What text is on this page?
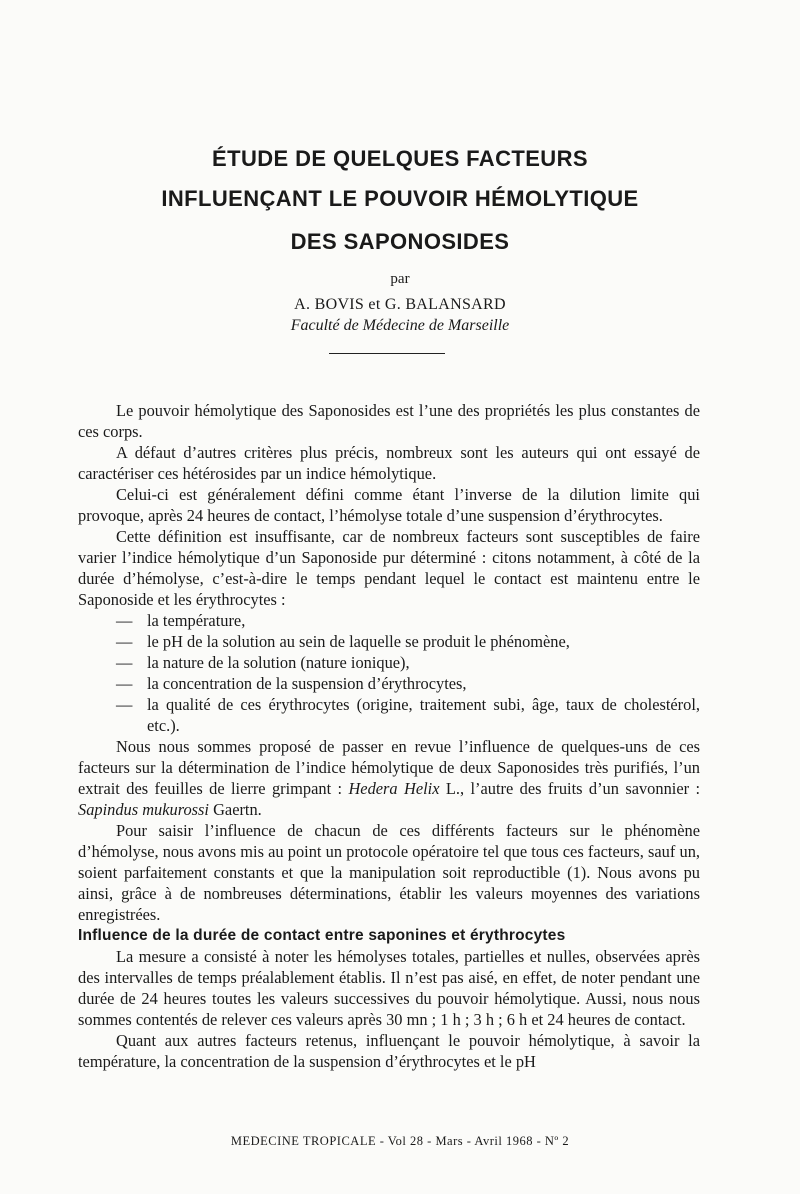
ÉTUDE DE QUELQUES FACTEURS
INFLUENÇANT LE POUVOIR HÉMOLYTIQUE
DES SAPONOSIDES
par
A. BOVIS et G. BALANSARD
Faculté de Médecine de Marseille

Le pouvoir hémolytique des Saponosides est l’une des propriétés les plus constantes de ces corps.

A défaut d’autres critères plus précis, nombreux sont les auteurs qui ont essayé de caractériser ces hétérosides par un indice hémolytique.

Celui-ci est généralement défini comme étant l’inverse de la dilution limite qui provoque, après 24 heures de contact, l’hémolyse totale d’une suspension d’érythrocytes.

Cette définition est insuffisante, car de nombreux facteurs sont susceptibles de faire varier l’indice hémolytique d’un Saponoside pur déterminé : citons notamment, à côté de la durée d’hémolyse, c’est-à-dire le temps pendant lequel le contact est maintenu entre le Saponoside et les érythrocytes :

— la température,
— le pH de la solution au sein de laquelle se produit le phénomène,
— la nature de la solution (nature ionique),
— la concentration de la suspension d’érythrocytes,
— la qualité de ces érythrocytes (origine, traitement subi, âge, taux de cholestérol, etc.).

Nous nous sommes proposé de passer en revue l’influence de quelques-uns de ces facteurs sur la détermination de l’indice hémolytique de deux Saponosides très purifiés, l’un extrait des feuilles de lierre grimpant : Hedera Helix L., l’autre des fruits d’un savonnier : Sapindus mukurossi Gaertn.

Pour saisir l’influence de chacun de ces différents facteurs sur le phénomène d’hémolyse, nous avons mis au point un protocole opératoire tel que tous ces facteurs, sauf un, soient parfaitement constants et que la manipulation soit reproductible (1). Nous avons pu ainsi, grâce à de nombreuses déterminations, établir les valeurs moyennes des variations enregistrées.

Influence de la durée de contact entre saponines et érythrocytes

La mesure a consisté à noter les hémolyses totales, partielles et nulles, observées après des intervalles de temps préalablement établis. Il n’est pas aisé, en effet, de noter pendant une durée de 24 heures toutes les valeurs successives du pouvoir hémolytique. Aussi, nous nous sommes contentés de relever ces valeurs après 30 mn ; 1 h ; 3 h ; 6 h et 24 heures de contact.

Quant aux autres facteurs retenus, influençant le pouvoir hémolytique, à savoir la température, la concentration de la suspension d’érythrocytes et le pH

MEDECINE TROPICALE - Vol 28 - Mars - Avril 1968 - Nº 2
